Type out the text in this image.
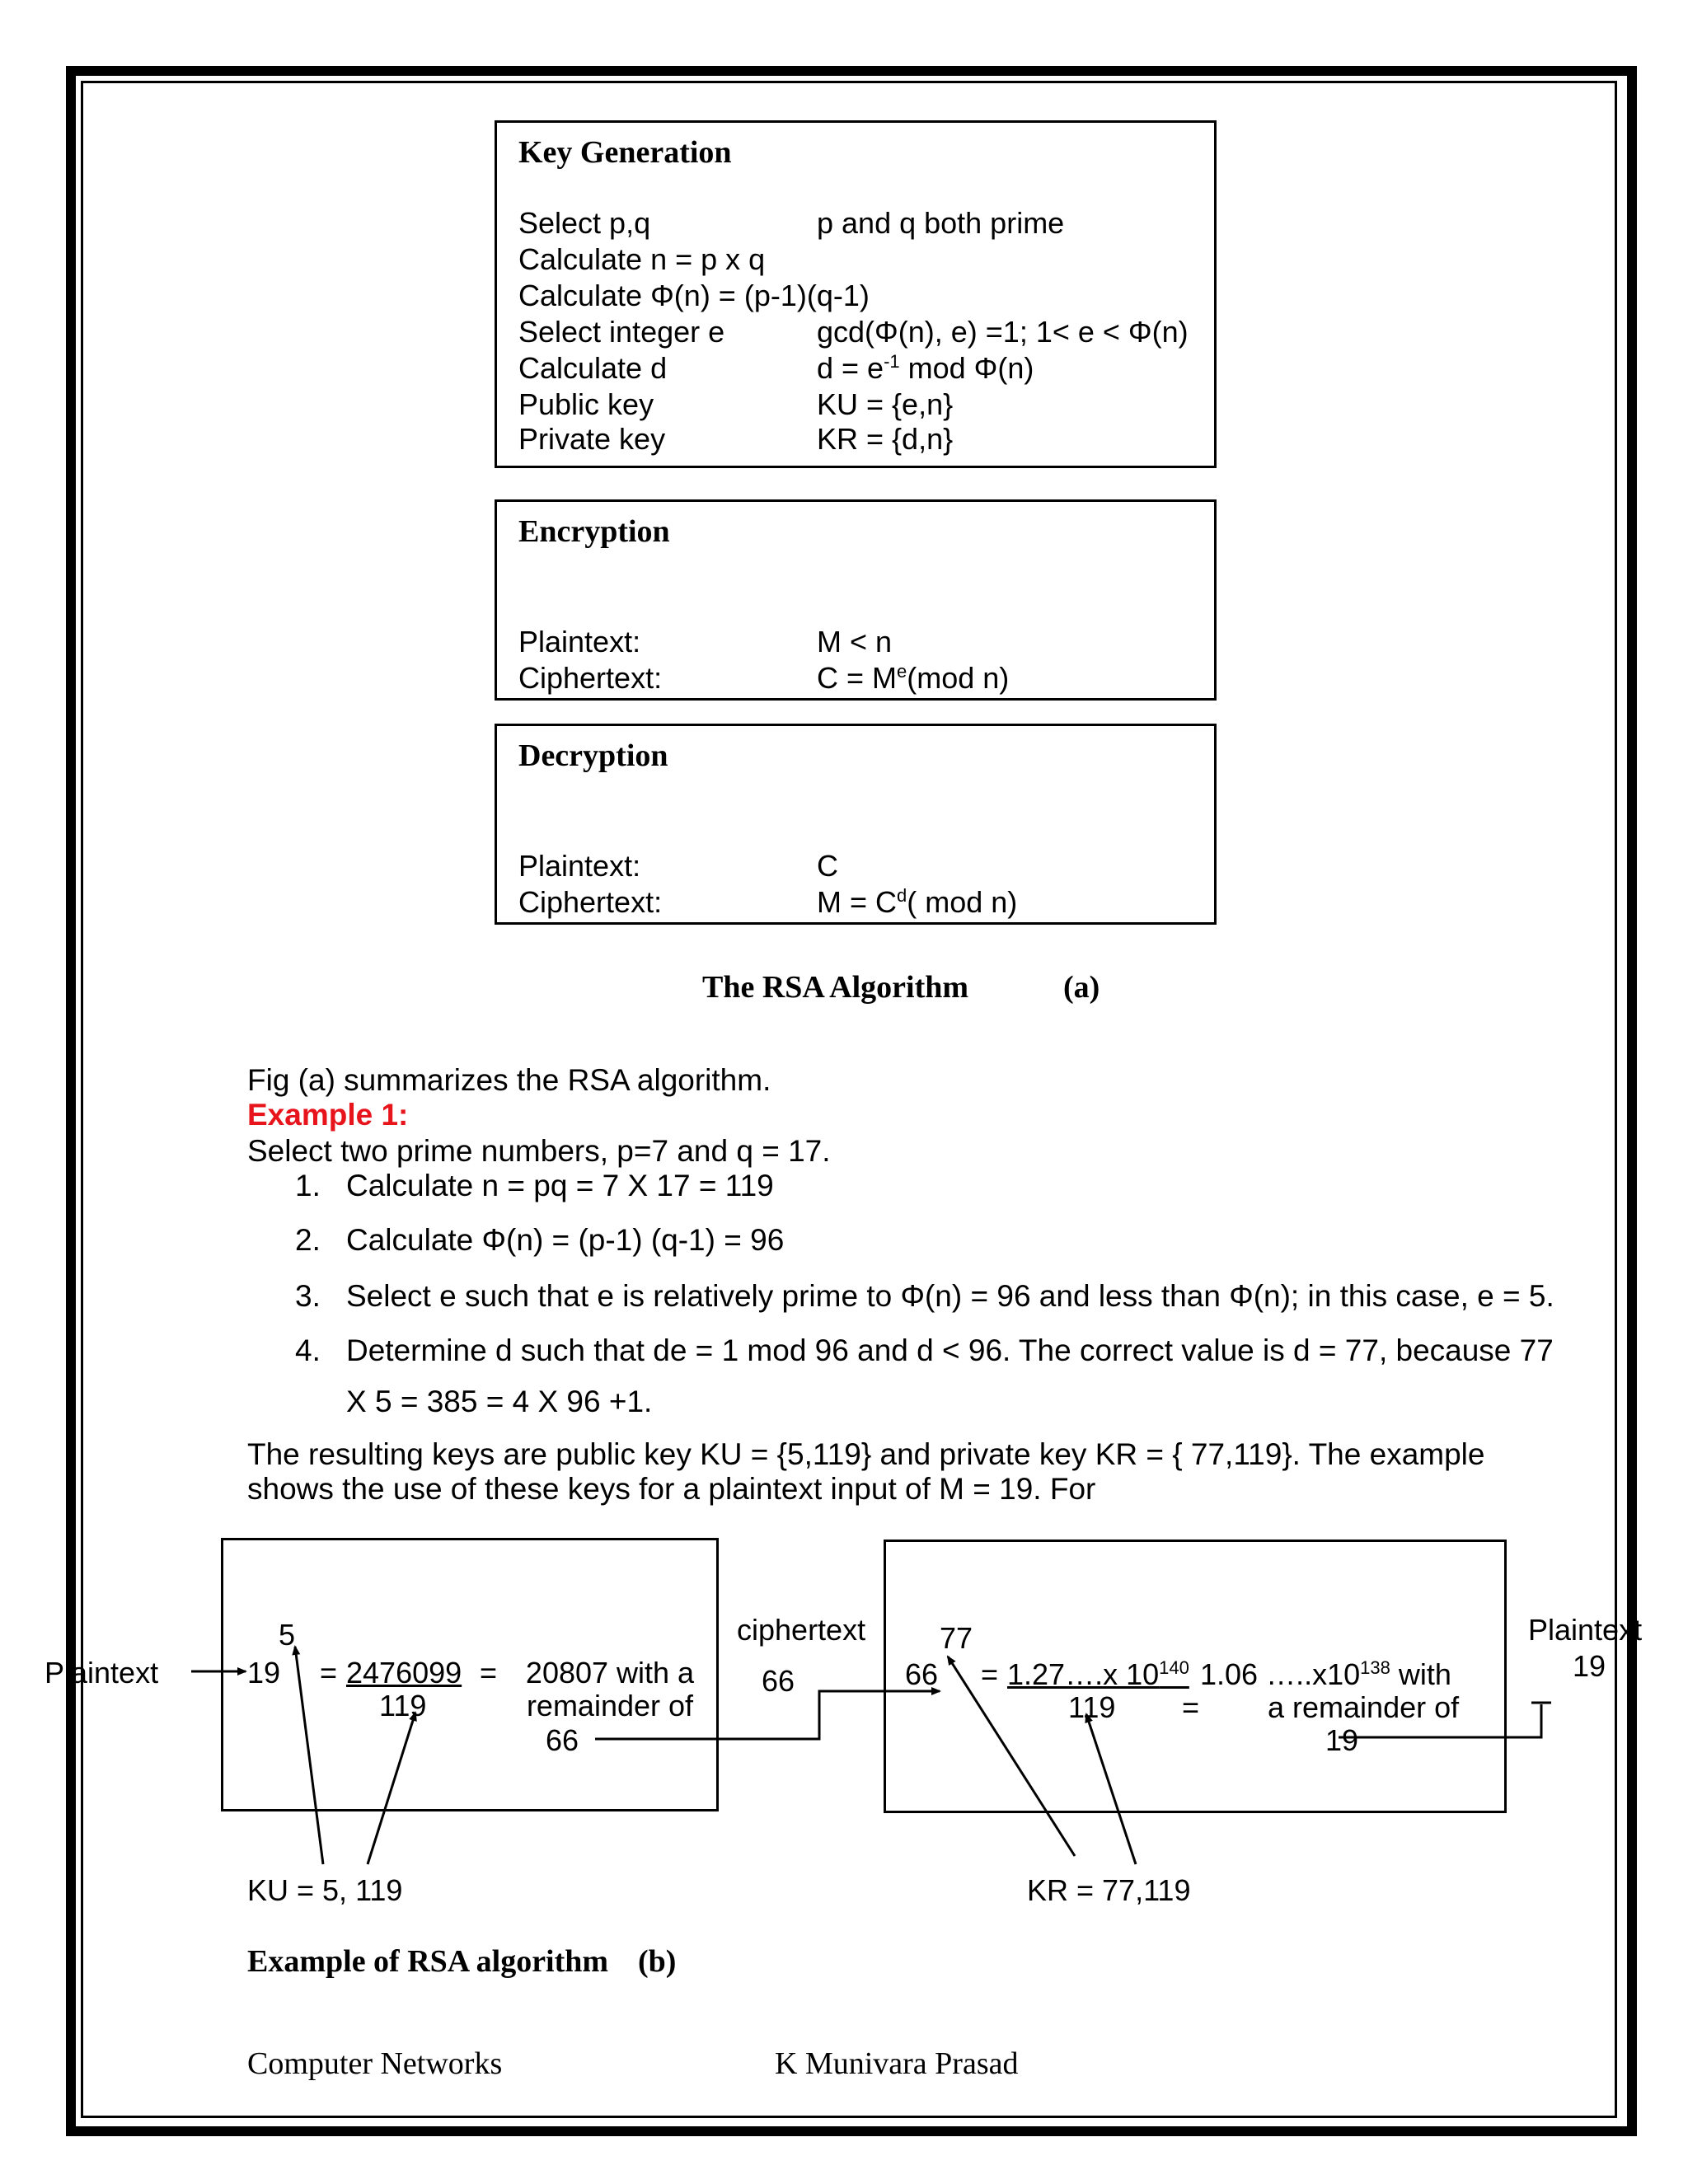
Key Generation
Select p,q	p and q both prime
Calculate n = p x q
Calculate Φ(n) = (p-1)(q-1)
Select integer e	gcd(Φ(n), e) =1; 1< e < Φ(n)
Calculate d	$d = e^{-1}$ mod Φ(n)
Public key	KU = {e,n}
Private key	KR = {d,n}
Encryption
Plaintext:	M < n
Ciphertext:	$C = M^e(mod$ n)
Decryption
Plaintext:	C
Ciphertext:	$M = C^d$( mod n)
The RSA Algorithm	(a)
Fig (a) summarizes the RSA algorithm.
Example 1:
Select two prime numbers, p=7 and q = 17.
1. Calculate n = pq = 7 X 17 = 119
2. Calculate Φ(n) = (p-1) (q-1) = 96
3. Select e such that e is relatively prime to Φ(n) = 96 and less than Φ(n); in this case, e = 5.
4. Determine d such that de = 1 mod 96 and d < 96. The correct value is d = 77, because 77
X 5 = 385 = 4 X 96 +1.
The resulting keys are public key KU = {5,119} and private key KR = { 77,119}. The example
shows the use of these keys for a plaintext input of M = 19. For
Plaintext
5
19 = 2476099
119
= 20807 with a
remainder of
66
ciphertext
66
77
66 = 1.27….x $10^{140}$
119 =
1.06 $\dots..x10^{138}$ with
a remainder of
19
Plaintext
19
KU = 5, 119	KR = 77,119
Example of RSA algorithm (b)
Computer Networks	K Munivara Prasad
